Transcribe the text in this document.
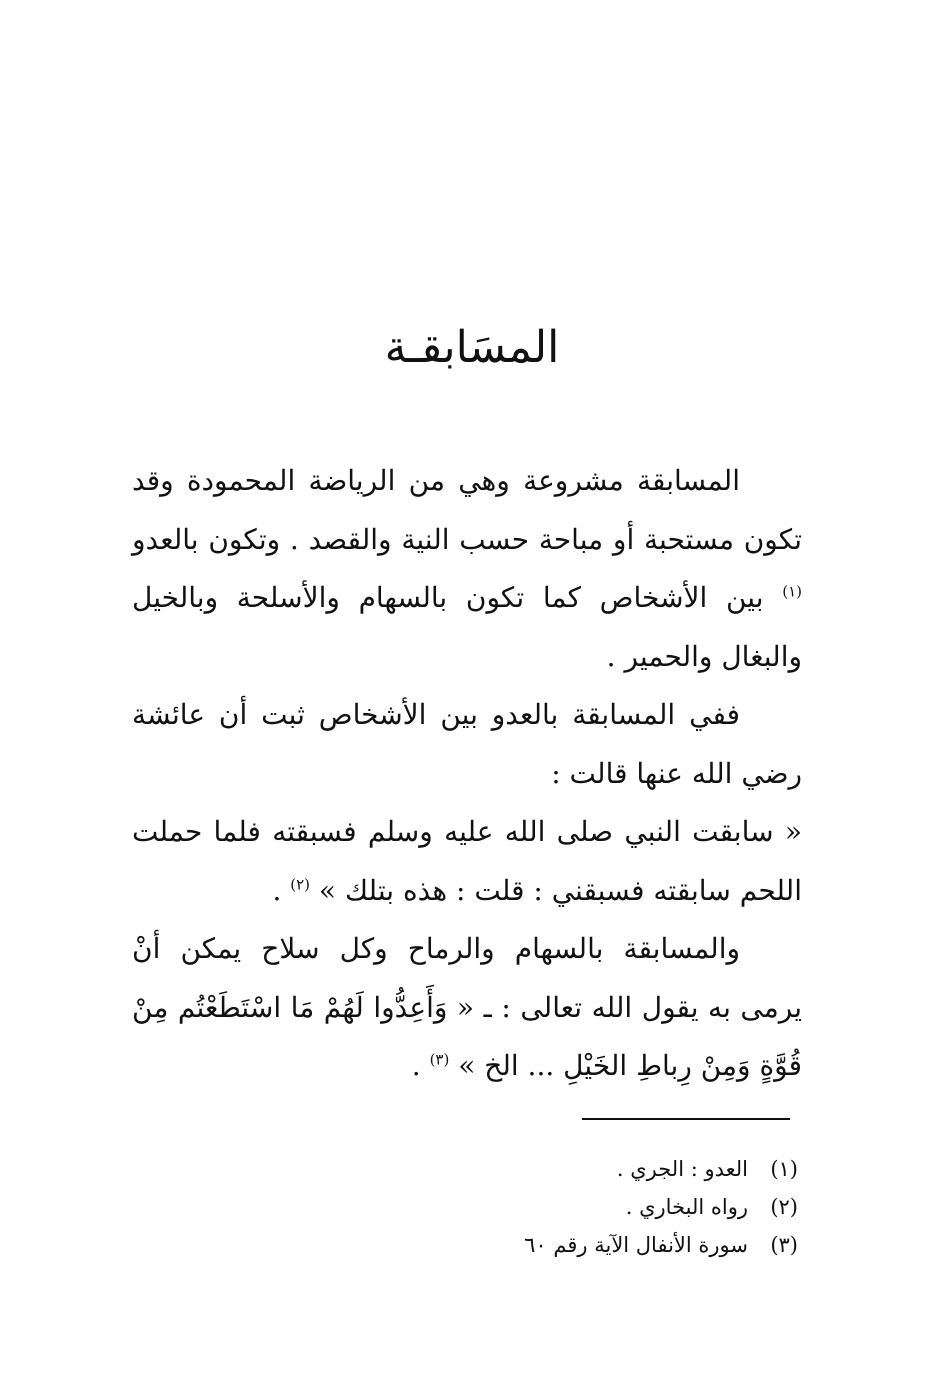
المسَابقـة

المسابقة مشروعة وهي من الرياضة المحمودة وقد تكون مستحبة أو مباحة حسب النية والقصد . وتكون بالعدو $^{(١)}$ بين الأشخاص كما تكون بالسهام والأسلحة وبالخيل والبغال والحمير .

ففي المسابقة بالعدو بين الأشخاص ثبت أن عائشة رضي الله عنها قالت :

« سابقت النبي صلى الله عليه وسلم فسبقته فلما حملت اللحم سابقته فسبقني : قلت : هذه بتلك » $^{(٢)}$ .

والمسابقة بالسهام والرماح وكل سلاح يمكن أنْ يرمى به يقول الله تعالى : ـ « وَأَعِدُّوا لَهُمْ مَا اسْتَطَعْتُم مِنْ قُوَّةٍ وَمِنْ رِباطِ الخَيْلِ ... الخ » $^{(٣)}$ .

(١)
العدو : الجري .
(٢)
رواه البخاري .
(٣)
سورة الأنفال الآية رقم ٦٠
